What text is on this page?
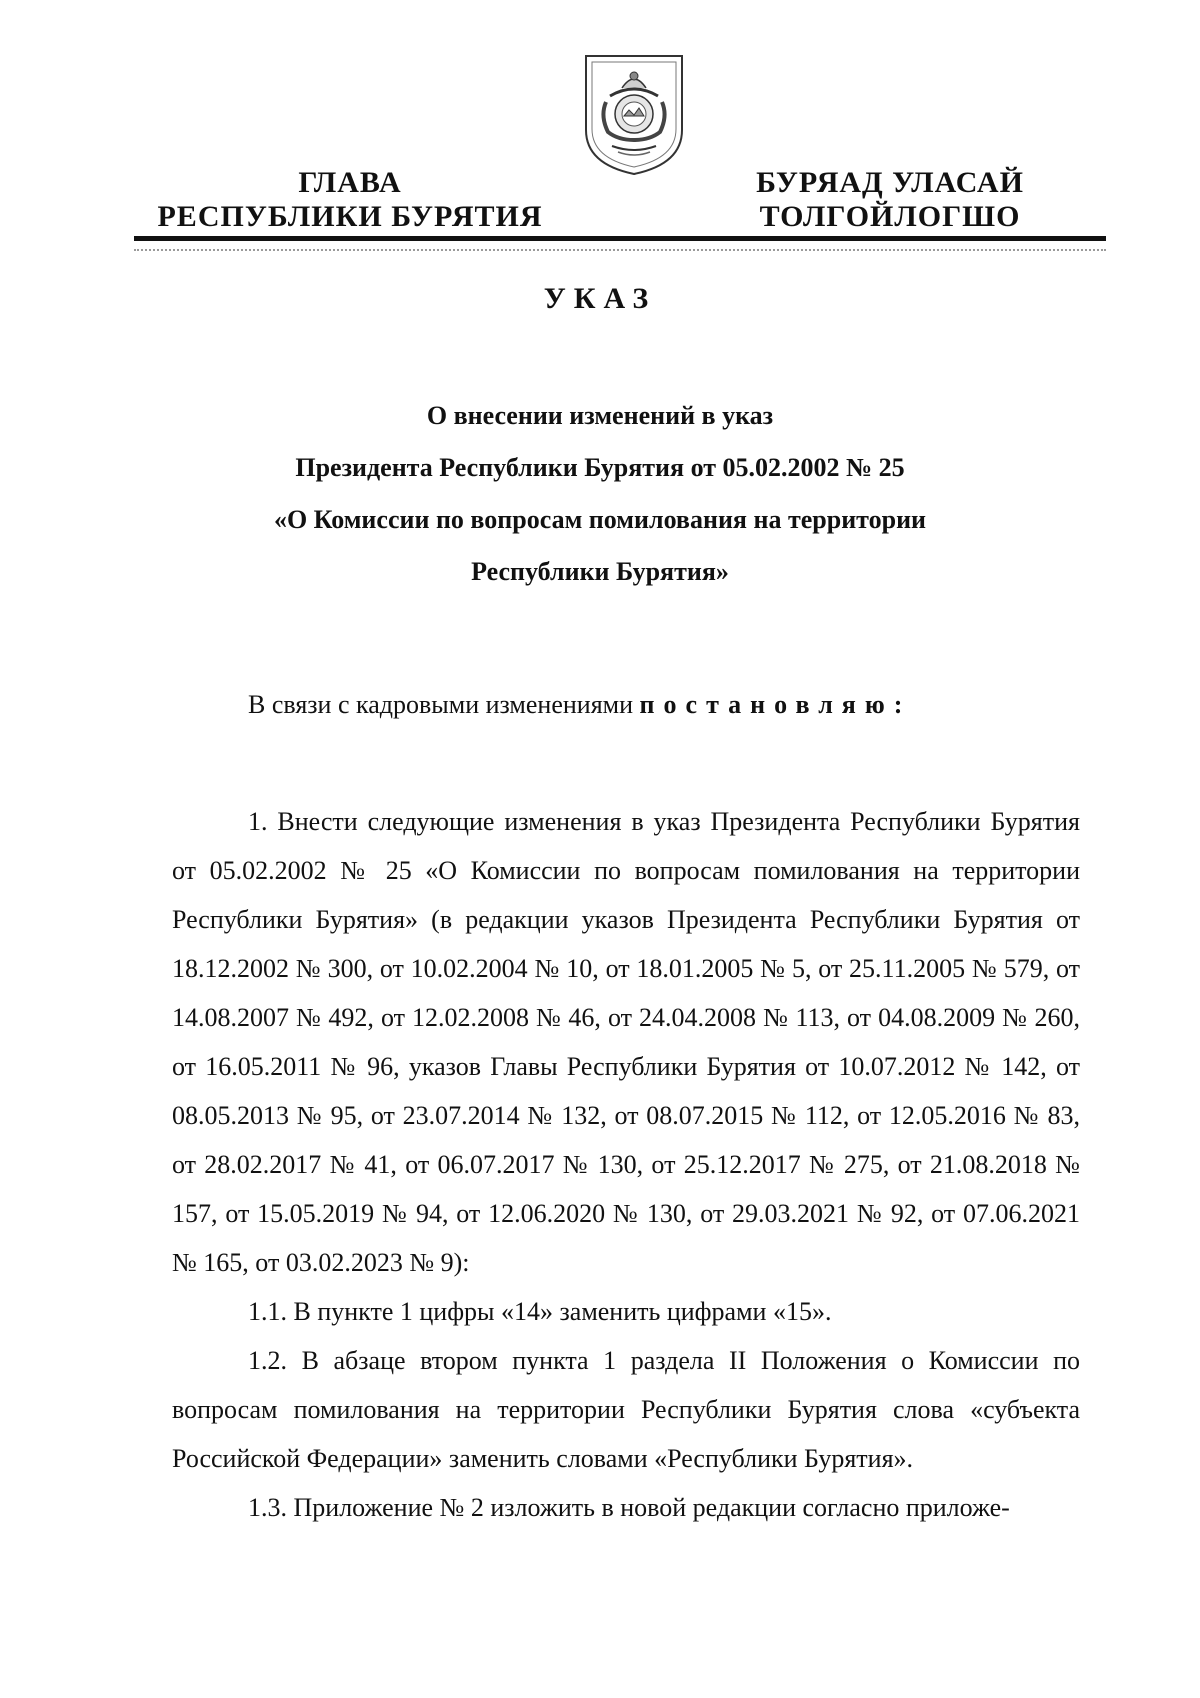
ГЛАВА
РЕСПУБЛИКИ БУРЯТИЯ
БУРЯАД УЛАСАЙ
ТОЛГОЙЛОГШО
УКАЗ
О внесении изменений в указ
Президента Республики Бурятия от 05.02.2002 № 25
«О Комиссии по вопросам помилования на территории
Республики Бурятия»

В связи с кадровыми изменениями постановляю:

1. Внести следующие изменения в указ Президента Республики Бурятия от 05.02.2002 № 25 «О Комиссии по вопросам помилования на территории Республики Бурятия» (в редакции указов Президента Республики Бурятия от 18.12.2002 № 300, от 10.02.2004 № 10, от 18.01.2005 № 5, от 25.11.2005 № 579, от 14.08.2007 № 492, от 12.02.2008 № 46, от 24.04.2008 № 113, от 04.08.2009 № 260, от 16.05.2011 № 96, указов Главы Республики Бурятия от 10.07.2012 № 142, от 08.05.2013 № 95, от 23.07.2014 № 132, от 08.07.2015 № 112, от 12.05.2016 № 83, от 28.02.2017 № 41, от 06.07.2017 № 130, от 25.12.2017 № 275, от 21.08.2018 № 157, от 15.05.2019 № 94, от 12.06.2020 № 130, от 29.03.2021 № 92, от 07.06.2021 № 165, от 03.02.2023 № 9):

1.1. В пункте 1 цифры «14» заменить цифрами «15».

1.2. В абзаце втором пункта 1 раздела II Положения о Комиссии по вопросам помилования на территории Республики Бурятия слова «субъекта Российской Федерации» заменить словами «Республики Бурятия».

1.3. Приложение № 2 изложить в новой редакции согласно приложе-
